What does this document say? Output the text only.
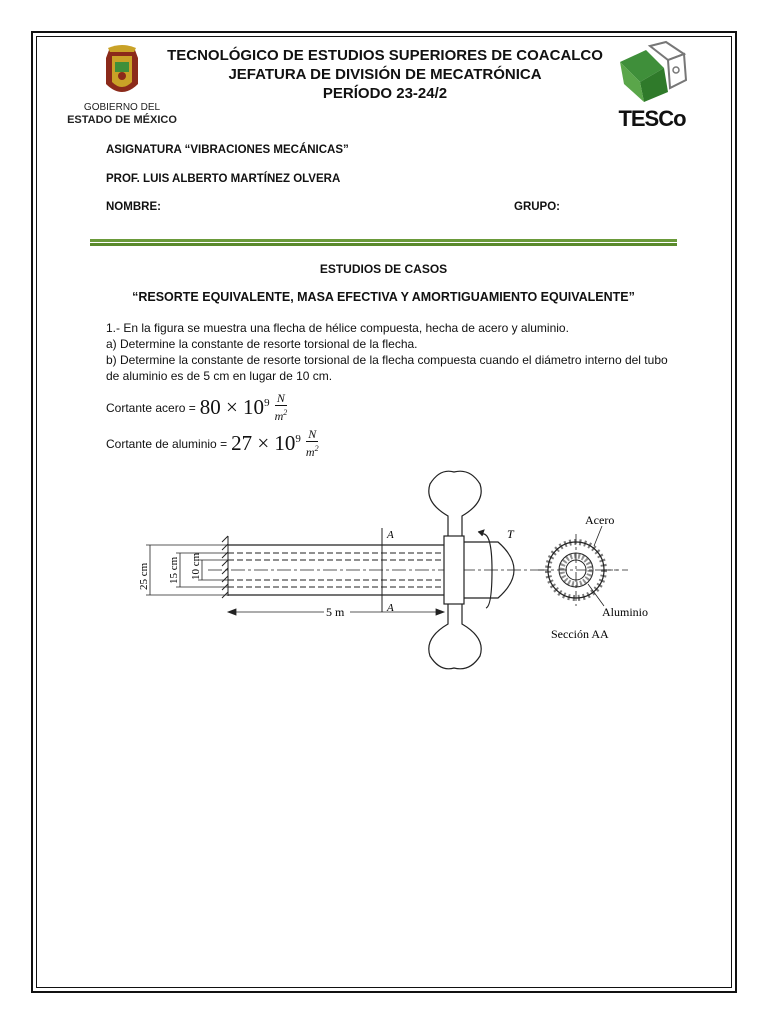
GOBIERNO DEL
ESTADO DE MÉXICO
TECNOLÓGICO DE ESTUDIOS SUPERIORES DE COACALCO
JEFATURA DE DIVISIÓN DE MECATRÓNICA
PERÍODO 23-24/2
TESCo
ASIGNATURA “VIBRACIONES MECÁNICAS”
PROF. LUIS ALBERTO MARTÍNEZ OLVERA
NOMBRE:	GRUPO:
ESTUDIOS DE CASOS
“RESORTE EQUIVALENTE, MASA EFECTIVA Y AMORTIGUAMIENTO EQUIVALENTE”
1.- En la figura se muestra una flecha de hélice compuesta, hecha de acero y aluminio.
a) Determine la constante de resorte torsional de la flecha.
b) Determine la constante de resorte torsional de la flecha compuesta cuando el diámetro interno del tubo de aluminio es de 5 cm en lugar de 10 cm.
Cortante acero = $80 \times 10^9 \frac{N}{m^2}$
Cortante de aluminio = $27 \times 10^9 \frac{N}{m^2}$
T
A
A
5 m
25 cm 15 cm 10 cm
Acero
Aluminio
Sección AA
